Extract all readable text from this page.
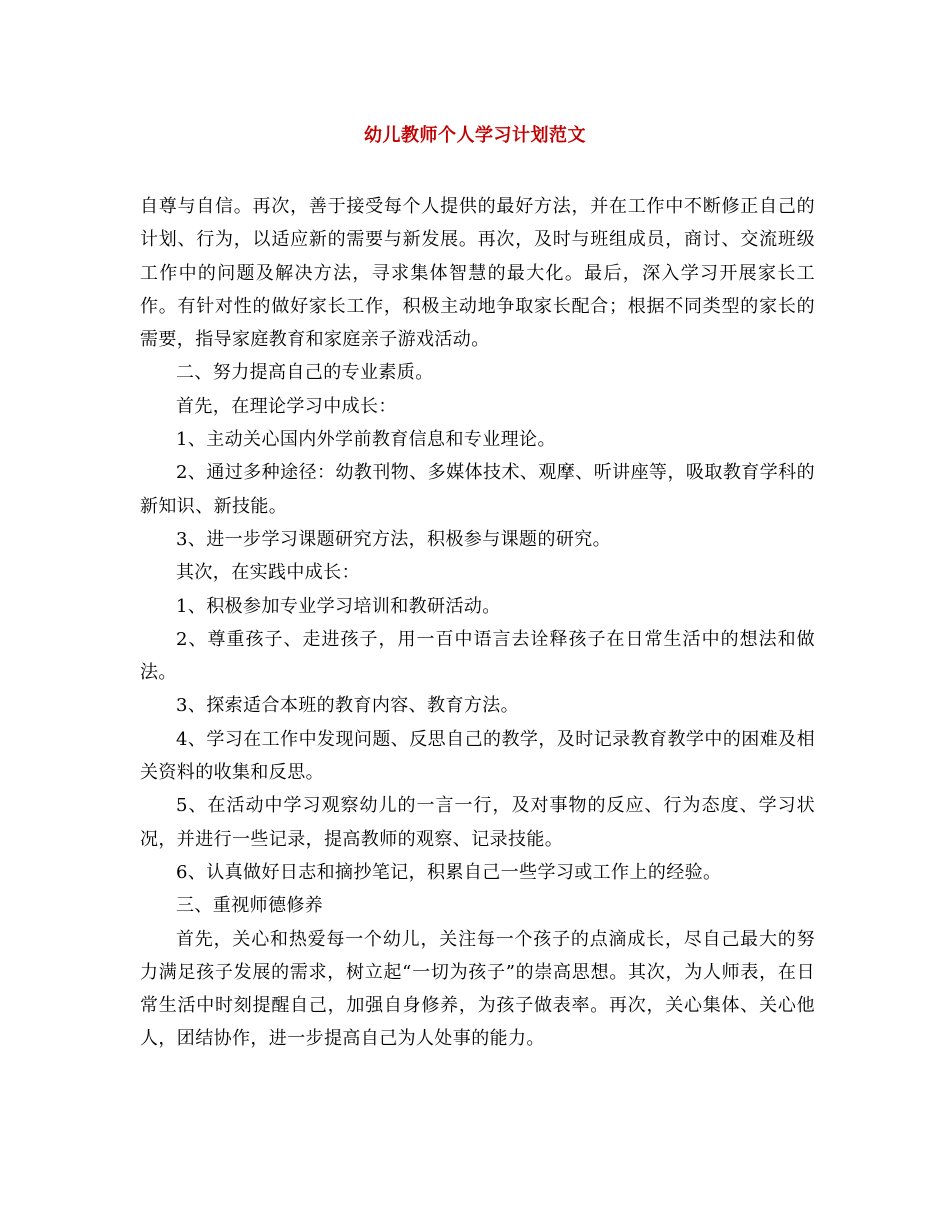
幼儿教师个人学习计划范文

自尊与自信。再次，善于接受每个人提供的最好方法，并在工作中不断修正自己的计划、行为，以适应新的需要与新发展。再次，及时与班组成员，商讨、交流班级工作中的问题及解决方法，寻求集体智慧的最大化。最后，深入学习开展家长工作。有针对性的做好家长工作，积极主动地争取家长配合；根据不同类型的家长的需要，指导家庭教育和家庭亲子游戏活动。

二、努力提高自己的专业素质。

首先，在理论学习中成长：

1、主动关心国内外学前教育信息和专业理论。

2、通过多种途径：幼教刊物、多媒体技术、观摩、听讲座等，吸取教育学科的新知识、新技能。

3、进一步学习课题研究方法，积极参与课题的研究。

其次，在实践中成长：

1、积极参加专业学习培训和教研活动。

2、尊重孩子、走进孩子，用一百中语言去诠释孩子在日常生活中的想法和做法。

3、探索适合本班的教育内容、教育方法。

4、学习在工作中发现问题、反思自己的教学，及时记录教育教学中的困难及相关资料的收集和反思。

5、在活动中学习观察幼儿的一言一行，及对事物的反应、行为态度、学习状况，并进行一些记录，提高教师的观察、记录技能。

6、认真做好日志和摘抄笔记，积累自己一些学习或工作上的经验。

三、重视师德修养

首先，关心和热爱每一个幼儿，关注每一个孩子的点滴成长，尽自己最大的努力满足孩子发展的需求，树立起“一切为孩子”的崇高思想。其次，为人师表，在日常生活中时刻提醒自己，加强自身修养，为孩子做表率。再次，关心集体、关心他人，团结协作，进一步提高自己为人处事的能力。
